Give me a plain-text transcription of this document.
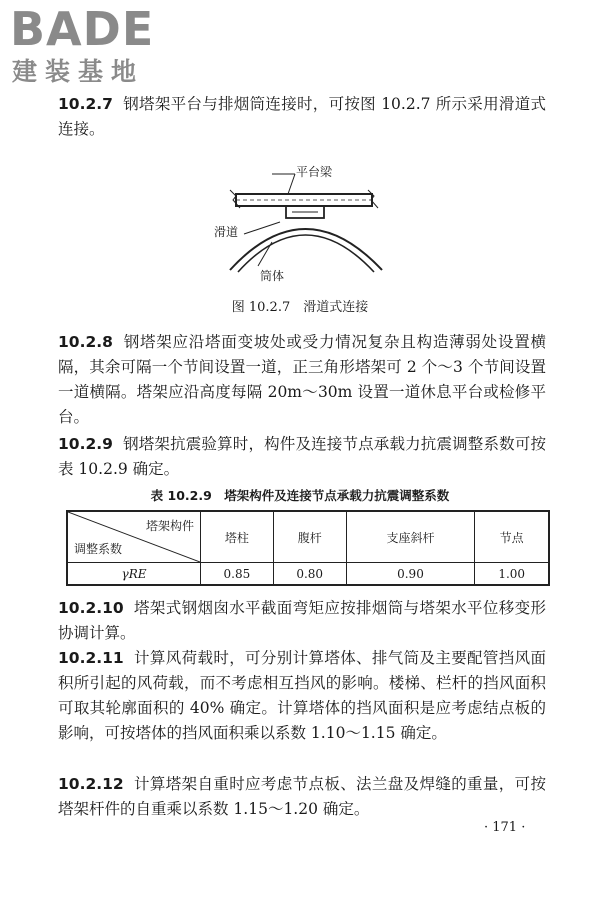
BADE
建装基地
10.2.7 钢塔架平台与排烟筒连接时，可按图 10.2.7 所示采用滑道式连接。
平台梁
滑道
筒体
图 10.2.7　滑道式连接
10.2.8 钢塔架应沿塔面变坡处或受力情况复杂且构造薄弱处设置横隔，其余可隔一个节间设置一道，正三角形塔架可 2 个～3 个节间设置一道横隔。塔架应沿高度每隔 20m～30m 设置一道休息平台或检修平台。
10.2.9 钢塔架抗震验算时，构件及连接节点承载力抗震调整系数可按表 10.2.9 确定。
表 10.2.9　塔架构件及连接节点承载力抗震调整系数
塔架构件
调整系数	塔柱	腹杆	支座斜杆	节点
γRE	0.85	0.80	0.90	1.00
10.2.10 塔架式钢烟囱水平截面弯矩应按排烟筒与塔架水平位移变形协调计算。
10.2.11 计算风荷载时，可分别计算塔体、排气筒及主要配管挡风面积所引起的风荷载，而不考虑相互挡风的影响。楼梯、栏杆的挡风面积可取其轮廓面积的 40% 确定。计算塔体的挡风面积是应考虑结点板的影响，可按塔体的挡风面积乘以系数 1.10～1.15 确定。
10.2.12 计算塔架自重时应考虑节点板、法兰盘及焊缝的重量，可按塔架杆件的自重乘以系数 1.15～1.20 确定。
· 171 ·
